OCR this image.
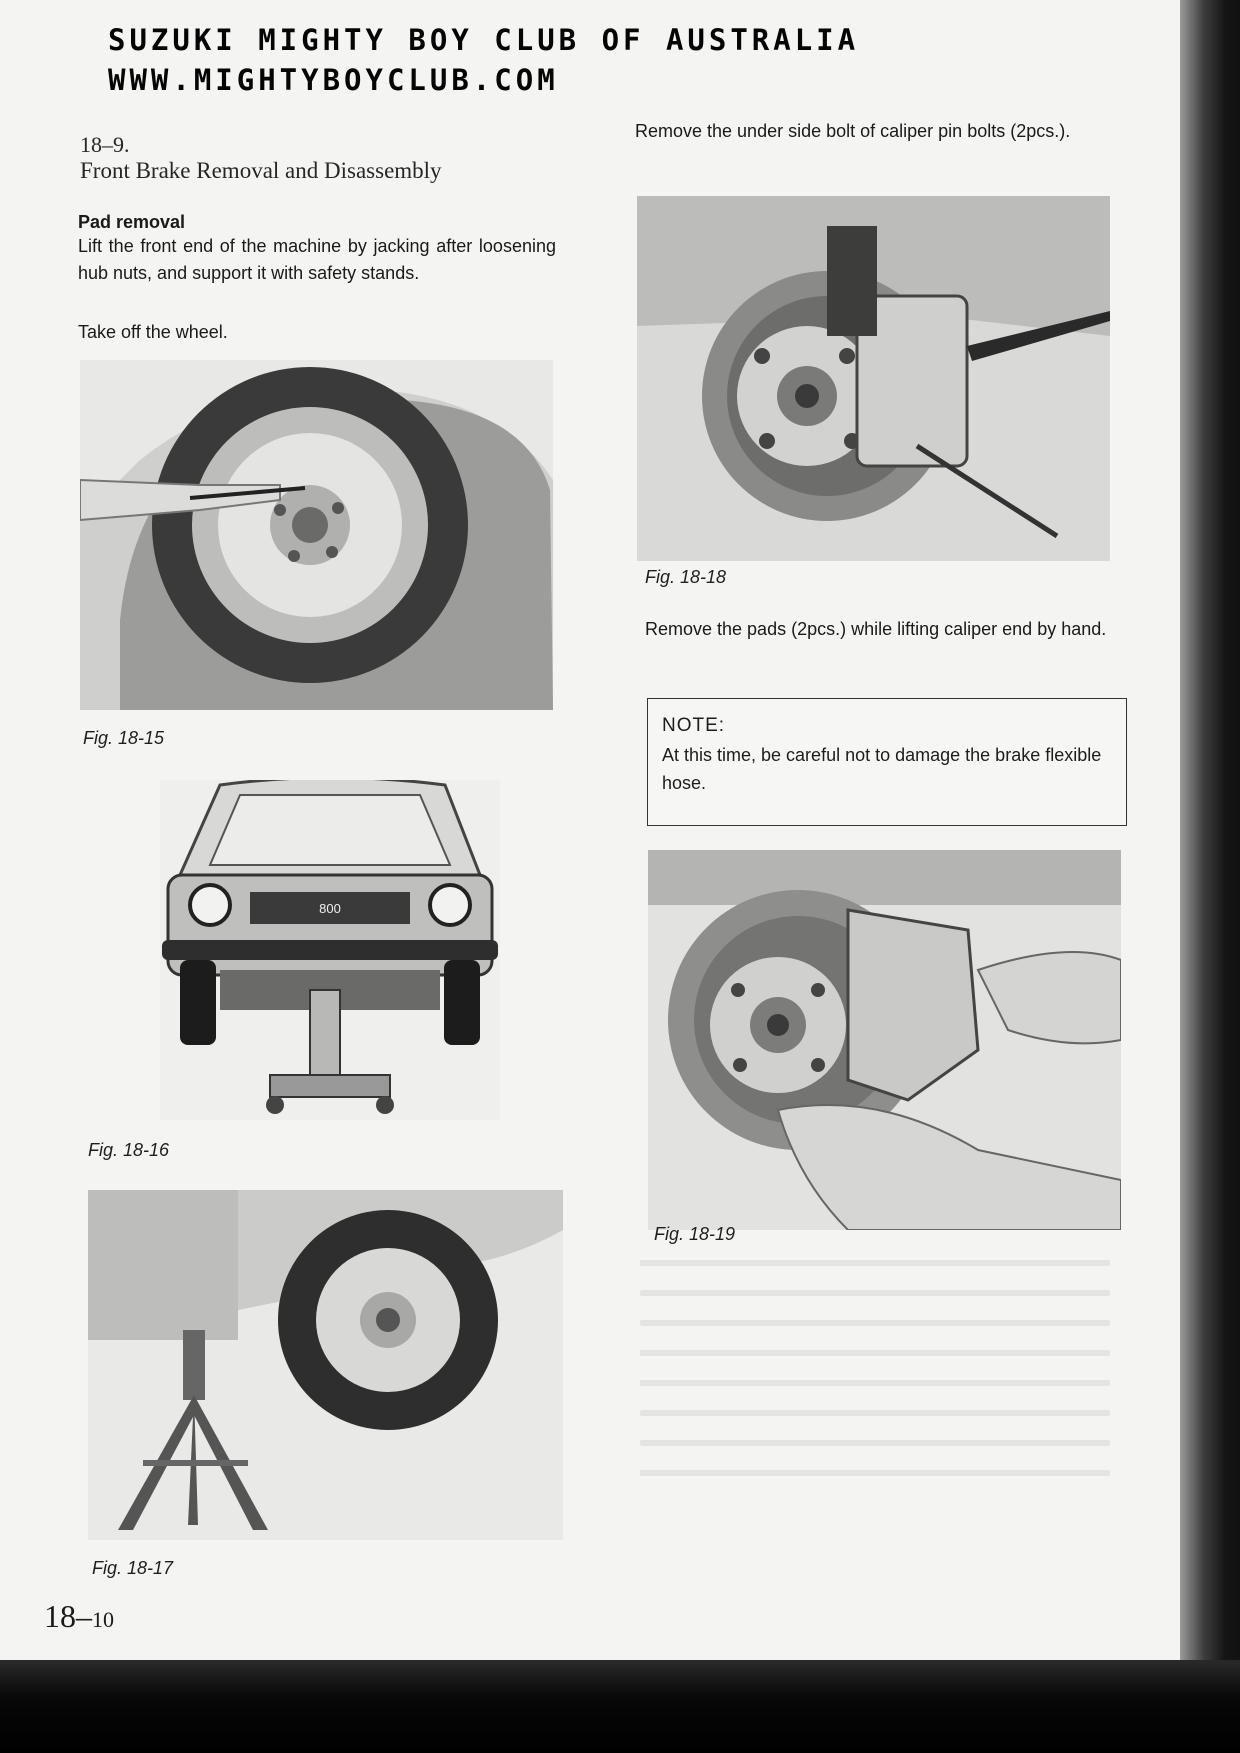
SUZUKI MIGHTY BOY CLUB OF AUSTRALIA
WWW.MIGHTYBOYCLUB.COM
18–9.
Front Brake Removal and Disassembly
Pad removal
Lift the front end of the machine by jacking after loosening hub nuts, and support it with safety stands.
Take off the wheel.
Fig. 18-15
800
Fig. 18-16
Fig. 18-17
Remove the under side bolt of caliper pin bolts (2pcs.).
Fig. 18-18
Remove the pads (2pcs.) while lifting caliper end by hand.
NOTE:
At this time, be careful not to damage the brake flexible hose.
Fig. 18-19
18–10
